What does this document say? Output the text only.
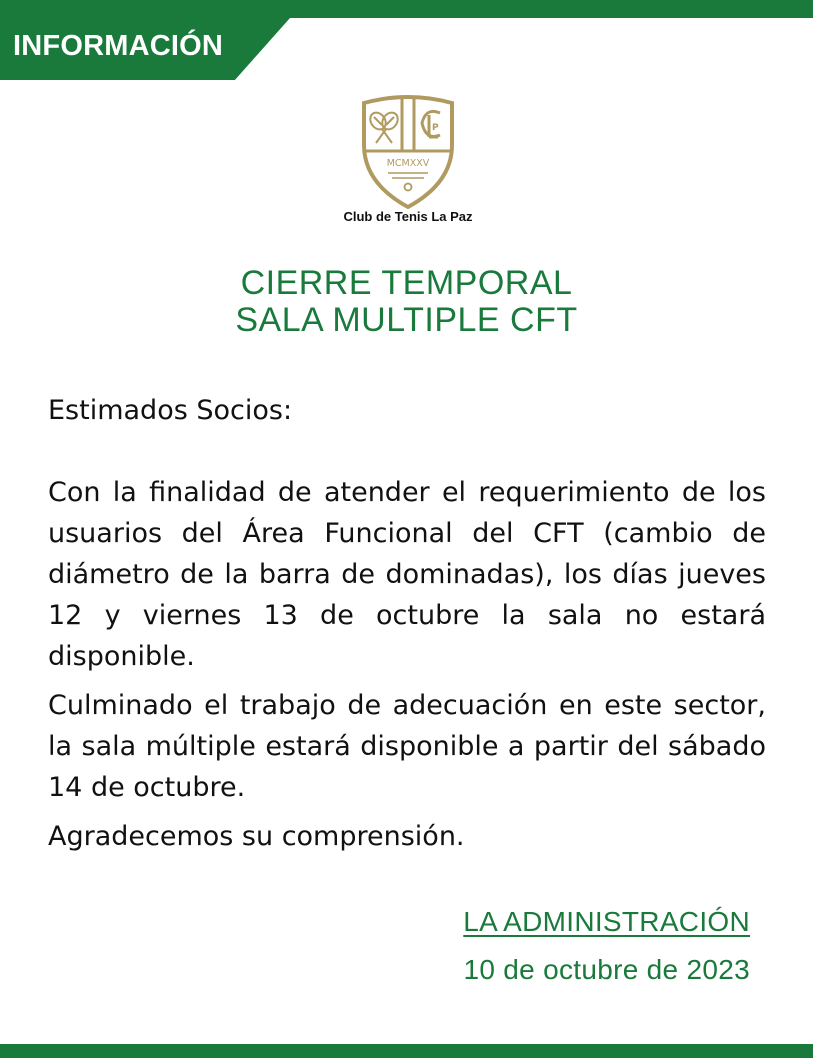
INFORMACIÓN
P
MCMXXV
Club de Tenis La Paz
CIERRE TEMPORAL
SALA MULTIPLE CFT

Estimados Socios:

Con la finalidad de atender el requerimiento de los usuarios del Área Funcional del CFT (cambio de diámetro de la barra de dominadas), los días jueves 12 y viernes 13 de octubre la sala no estará disponible.

Culminado el trabajo de adecuación en este sector, la sala múltiple estará disponible a partir del sábado 14 de octubre.

Agradecemos su comprensión.

LA ADMINISTRACIÓN
10 de octubre de 2023
